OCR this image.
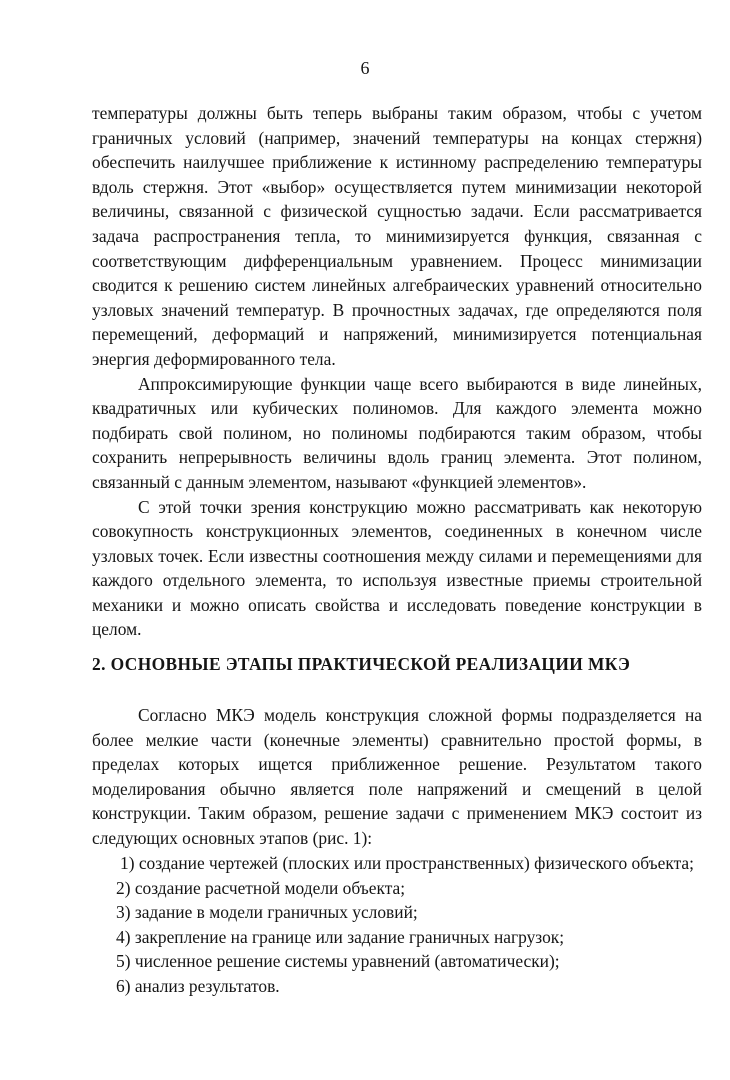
6

температуры должны быть теперь выбраны таким образом, чтобы с учетом граничных условий (например, значений температуры на концах стержня) обеспечить наилучшее приближение к истинному распределению температуры вдоль стержня. Этот «выбор» осуществляется путем минимизации некоторой величины, связанной с физической сущностью задачи. Если рассматривается задача распространения тепла, то минимизируется функция, связанная с соответствующим дифференциальным уравнением. Процесс минимизации сводится к решению систем линейных алгебраических уравнений относительно узловых значений температур. В прочностных задачах, где определяются поля перемещений, деформаций и напряжений, минимизируется потенциальная энергия деформированного тела.

Аппроксимирующие функции чаще всего выбираются в виде линейных, квадратичных или кубических полиномов. Для каждого элемента можно подбирать свой полином, но полиномы подбираются таким образом, чтобы сохранить непрерывность величины вдоль границ элемента. Этот полином, связанный с данным элементом, называют «функцией элементов».

С этой точки зрения конструкцию можно рассматривать как некоторую совокупность конструкционных элементов, соединенных в конечном числе узловых точек. Если известны соотношения между силами и перемещениями для каждого отдельного элемента, то используя известные приемы строительной механики и можно описать свойства и исследовать поведение конструкции в целом.

2. ОСНОВНЫЕ ЭТАПЫ ПРАКТИЧЕСКОЙ РЕАЛИЗАЦИИ МКЭ

Согласно МКЭ модель конструкция сложной формы подразделяется на более мелкие части (конечные элементы) сравнительно простой формы, в пределах которых ищется приближенное решение. Результатом такого моделирования обычно является поле напряжений и смещений в целой конструкции. Таким образом, решение задачи с применением МКЭ состоит из следующих основных этапов (рис. 1):

1) создание чертежей (плоских или пространственных) физического объекта;
2) создание расчетной модели объекта;
3) задание в модели граничных условий;
4) закрепление на границе или задание граничных нагрузок;
5) численное решение системы уравнений (автоматически);
6) анализ результатов.
